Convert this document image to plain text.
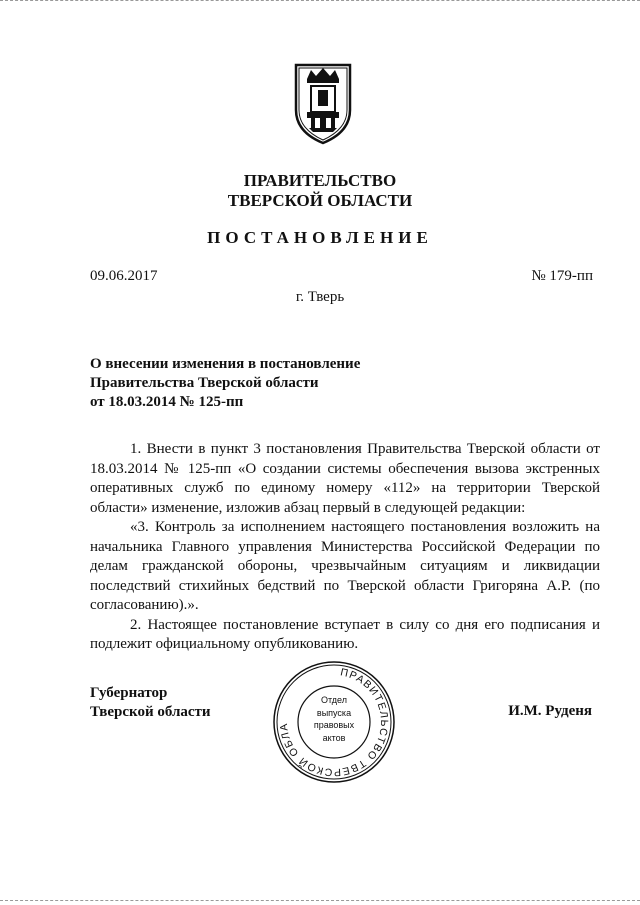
ПРАВИТЕЛЬСТВО
ТВЕРСКОЙ ОБЛАСТИ
ПОСТАНОВЛЕНИЕ
09.06.2017	№ 179-пп
г. Тверь
О внесении изменения в постановление
Правительства Тверской области
от 18.03.2014 № 125-пп

1. Внести в пункт 3 постановления Правительства Тверской области от 18.03.2014 № 125-пп «О создании системы обеспечения вызова экстренных оперативных служб по единому номеру «112» на территории Тверской области» изменение, изложив абзац первый в следующей редакции:

«3. Контроль за исполнением настоящего постановления возложить на начальника Главного управления Министерства Российской Федерации по делам гражданской обороны, чрезвычайным ситуациям и ликвидации последствий стихийных бедствий по Тверской области Григоряна А.Р. (по согласованию).».

2. Настоящее постановление вступает в силу со дня его подписания и подлежит официальному опубликованию.

Губернатор
Тверской области
ПРАВИТЕЛЬСТВО ТВЕРСКОЙ ОБЛА
Отдел
выпуска
правовых
актов
И.М. Руденя
